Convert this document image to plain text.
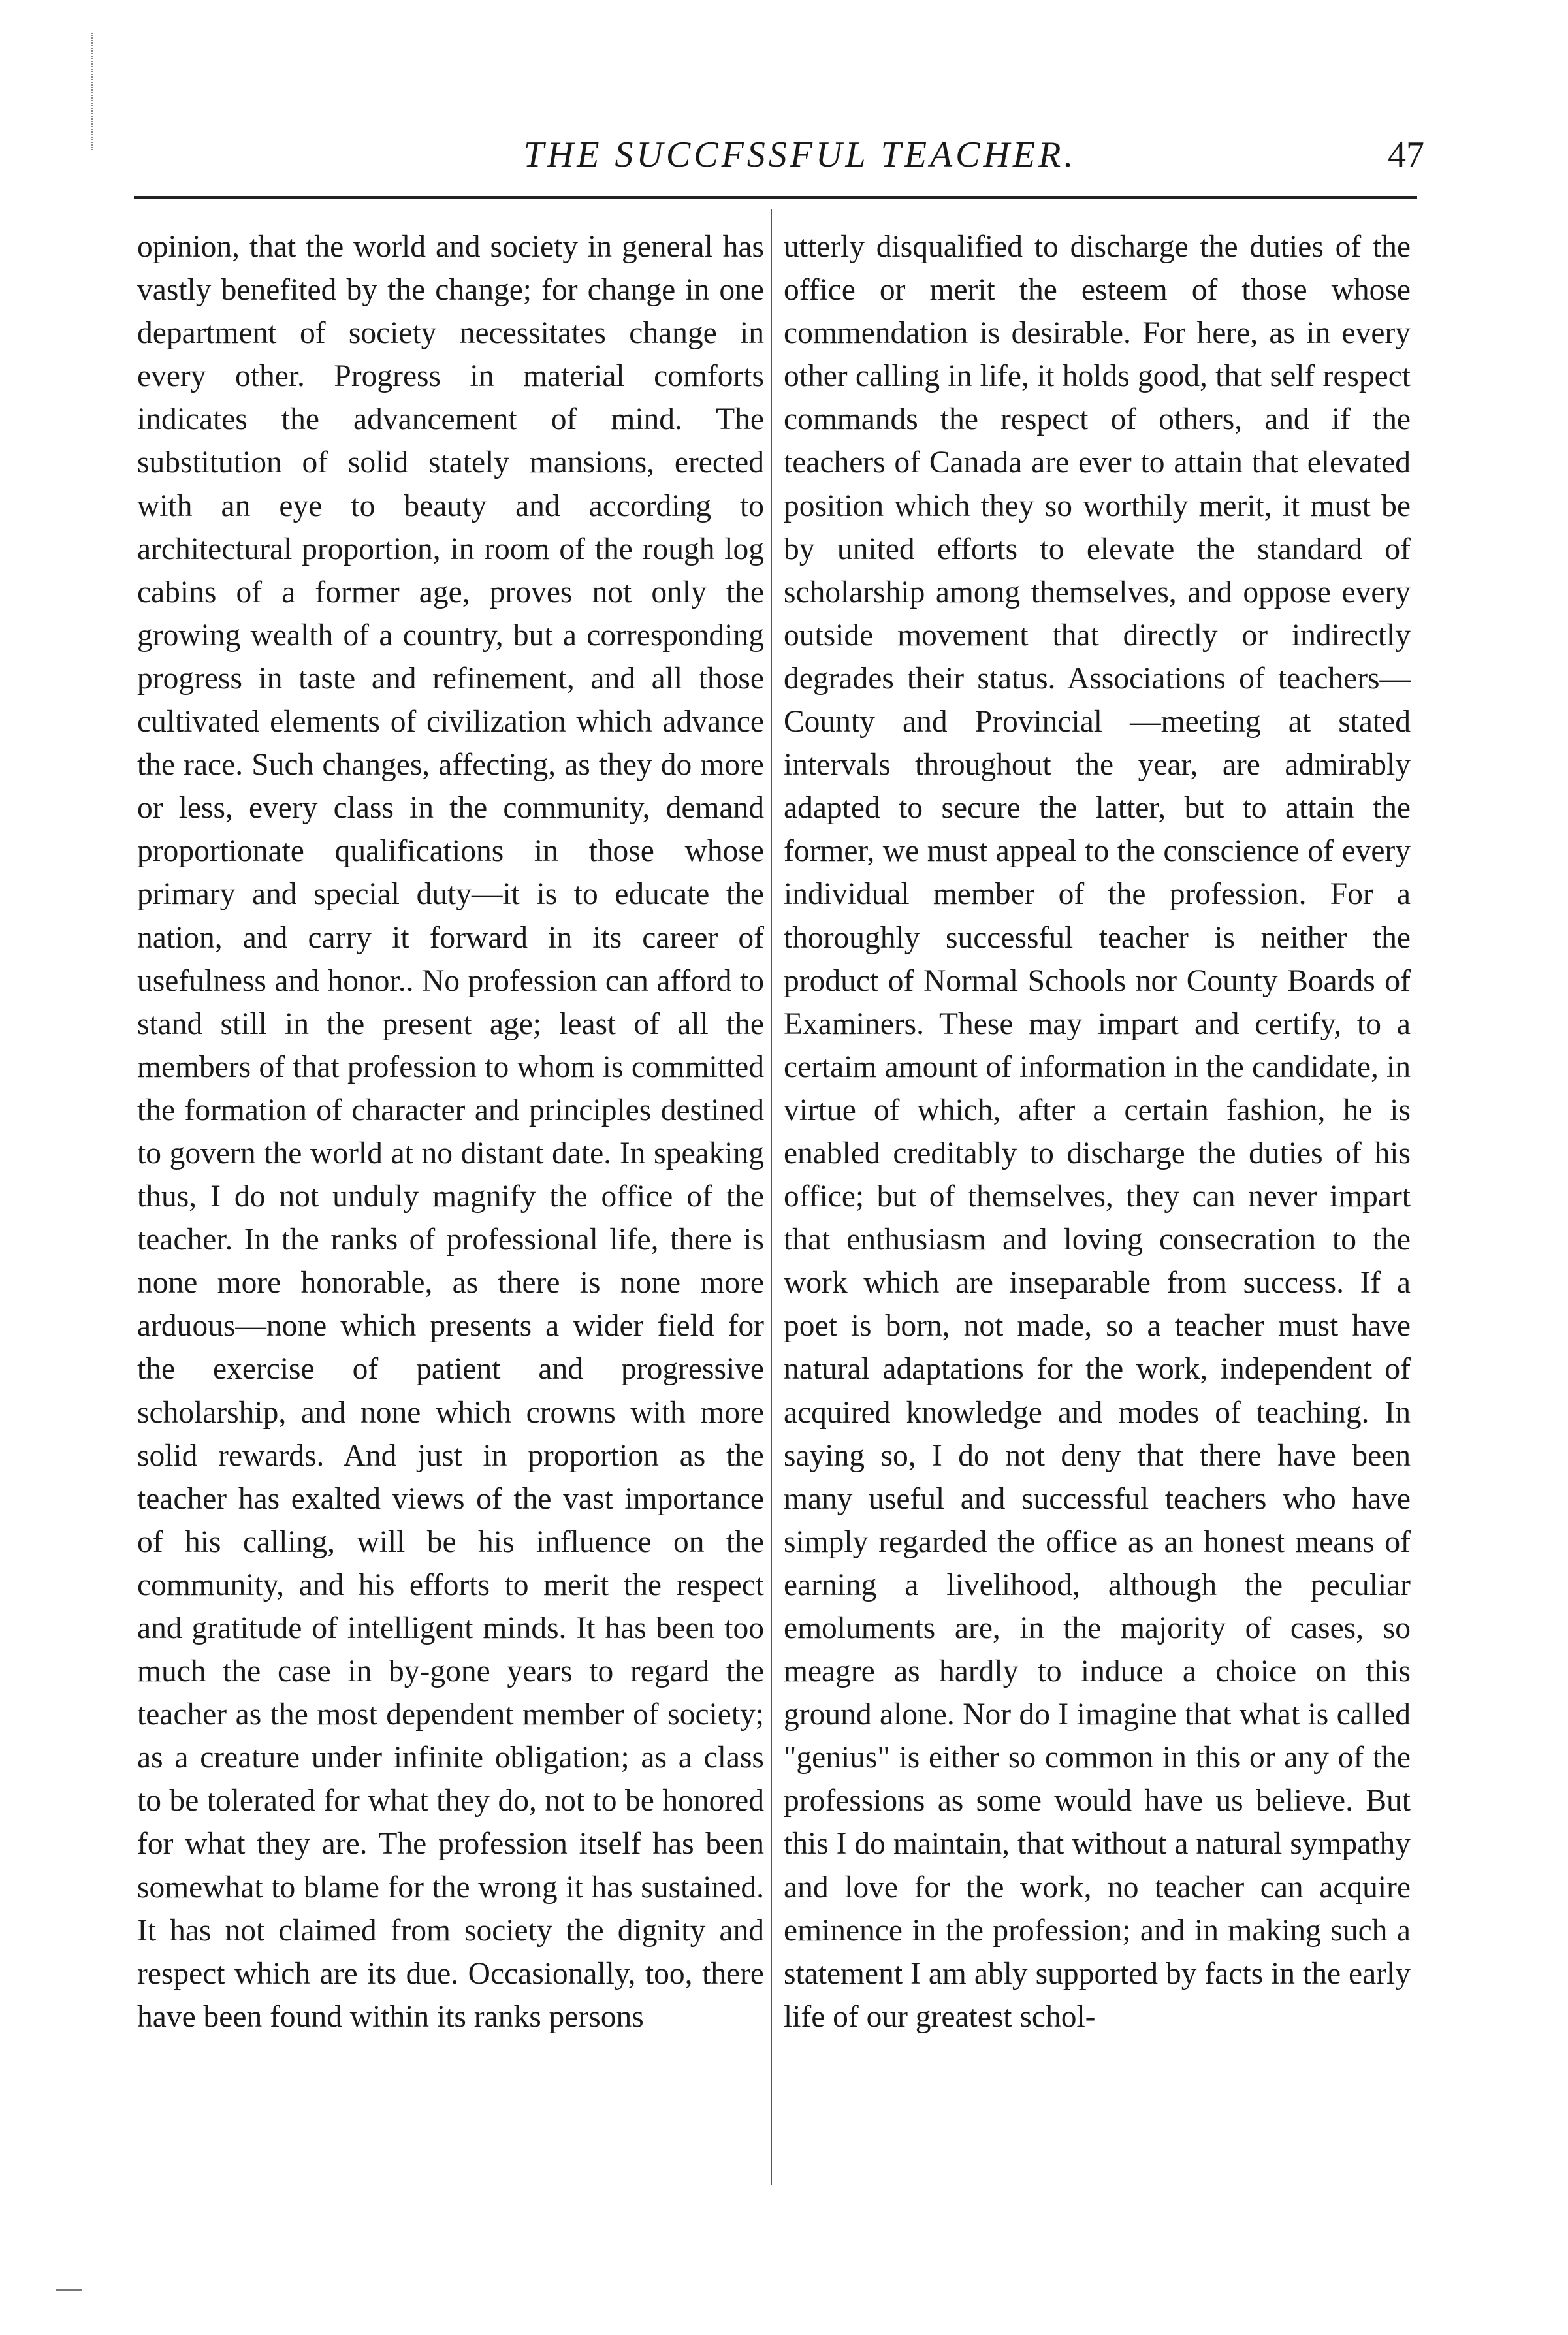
THE SUCCFSSFUL TEACHER.	47

opinion, that the world and society in general has vastly benefited by the change; for change in one department of society necessitates change in every other. Progress in material comforts indicates the advancement of mind. The substitution of solid stately mansions, erected with an eye to beauty and according to architectural proportion, in room of the rough log cabins of a former age, proves not only the growing wealth of a country, but a corresponding progress in taste and refinement, and all those cultivated elements of civilization which advance the race. Such changes, affecting, as they do more or less, every class in the community, demand proportionate qualifications in those whose primary and special duty—it is to educate the nation, and carry it forward in its career of usefulness and honor.. No profession can afford to stand still in the present age; least of all the members of that profession to whom is committed the formation of character and principles destined to govern the world at no distant date. In speaking thus, I do not unduly magnify the office of the teacher. In the ranks of professional life, there is none more honorable, as there is none more arduous—none which presents a wider field for the exercise of patient and progressive scholarship, and none which crowns with more solid rewards. And just in proportion as the teacher has exalted views of the vast importance of his calling, will be his influence on the community, and his efforts to merit the respect and gratitude of intelligent minds. It has been too much the case in by-gone years to regard the teacher as the most dependent member of society; as a creature under infinite obligation; as a class to be tolerated for what they do, not to be honored for what they are. The profession itself has been somewhat to blame for the wrong it has sustained. It has not claimed from society the dignity and respect which are its due. Occasionally, too, there have been found within its ranks persons

utterly disqualified to discharge the duties of the office or merit the esteem of those whose commendation is desirable. For here, as in every other calling in life, it holds good, that self respect commands the respect of others, and if the teachers of Canada are ever to attain that elevated position which they so worthily merit, it must be by united efforts to elevate the standard of scholarship among themselves, and oppose every outside movement that directly or indirectly degrades their status. Associations of teachers—County and Provincial —meeting at stated intervals throughout the year, are admirably adapted to secure the latter, but to attain the former, we must appeal to the conscience of every individual member of the profession. For a thoroughly successful teacher is neither the product of Normal Schools nor County Boards of Examiners. These may impart and certify, to a certaim amount of information in the candidate, in virtue of which, after a certain fashion, he is enabled creditably to discharge the duties of his office; but of themselves, they can never impart that enthusiasm and loving consecration to the work which are inseparable from success. If a poet is born, not made, so a teacher must have natural adaptations for the work, independent of acquired knowledge and modes of teaching. In saying so, I do not deny that there have been many useful and successful teachers who have simply regarded the office as an honest means of earning a livelihood, although the peculiar emoluments are, in the majority of cases, so meagre as hardly to induce a choice on this ground alone. Nor do I imagine that what is called "genius" is either so common in this or any of the professions as some would have us believe. But this I do maintain, that without a natural sympathy and love for the work, no teacher can acquire eminence in the profession; and in making such a statement I am ably supported by facts in the early life of our greatest schol-
